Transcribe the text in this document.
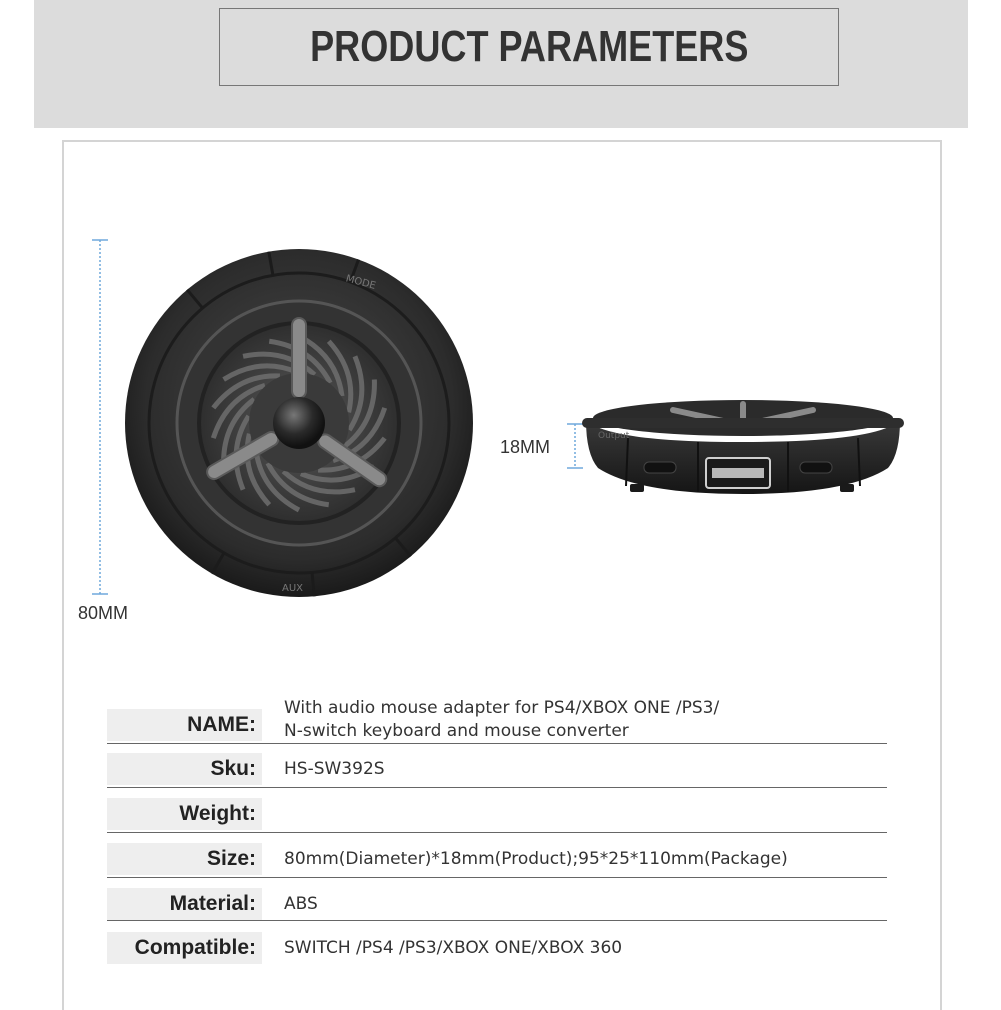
PRODUCT PARAMETERS
80MM
MODE
AUX
18MM
Output
NAME:
With audio mouse adapter for PS4/XBOX ONE /PS3/
N-switch keyboard and mouse converter
Sku:	HS-SW392S
Weight:
Size:	80mm(Diameter)*18mm(Product);95*25*110mm(Package)
Material:	ABS
Compatible:	SWITCH /PS4 /PS3/XBOX ONE/XBOX 360
